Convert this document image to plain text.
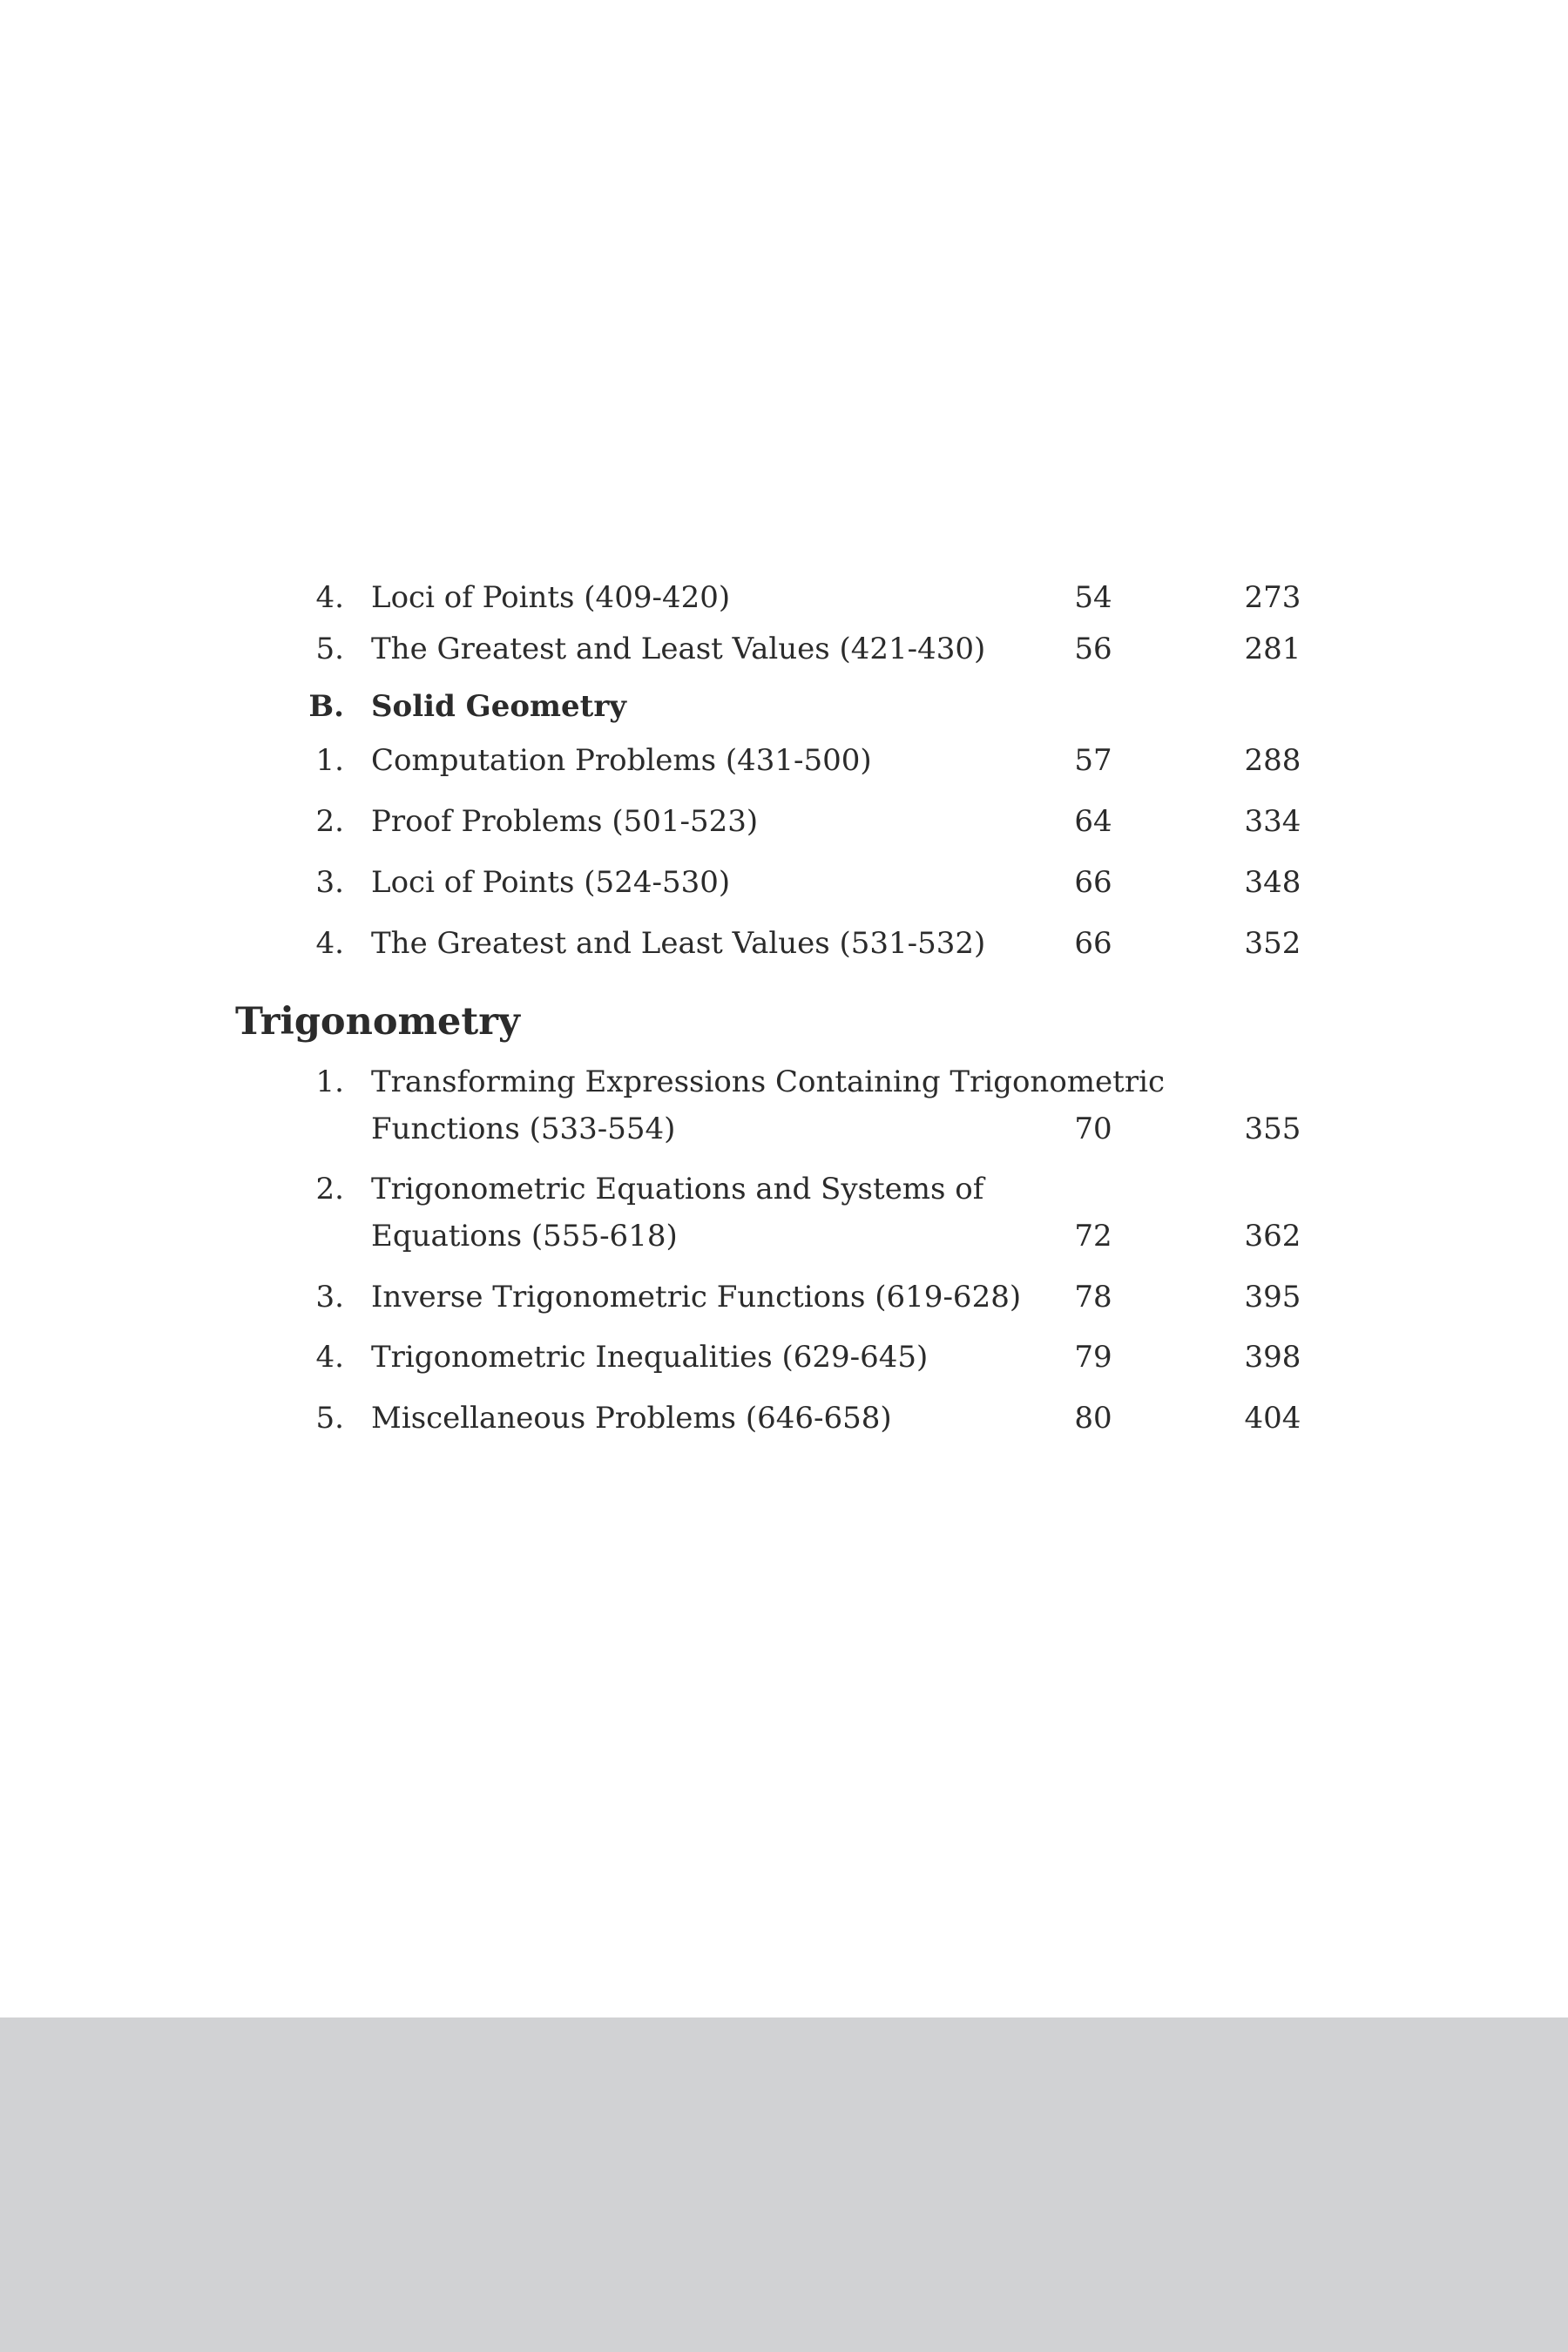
4. Loci of Points (409-420)	54	273
5. The Greatest and Least Values (421-430)	56	281
B. Solid Geometry
1. Computation Problems (431-500)	57	288
2. Proof Problems (501-523)	64	334
3. Loci of Points (524-530)	66	348
4. The Greatest and Least Values (531-532)	66	352
Trigonometry
1. Transforming Expressions Containing Trigonometric
Functions (533-554)	70	355
2. Trigonometric Equations and Systems of
Equations (555-618)	72	362
3. Inverse Trigonometric Functions (619-628)	78	395
4. Trigonometric Inequalities (629-645)	79	398
5. Miscellaneous Problems (646-658)	80	404
